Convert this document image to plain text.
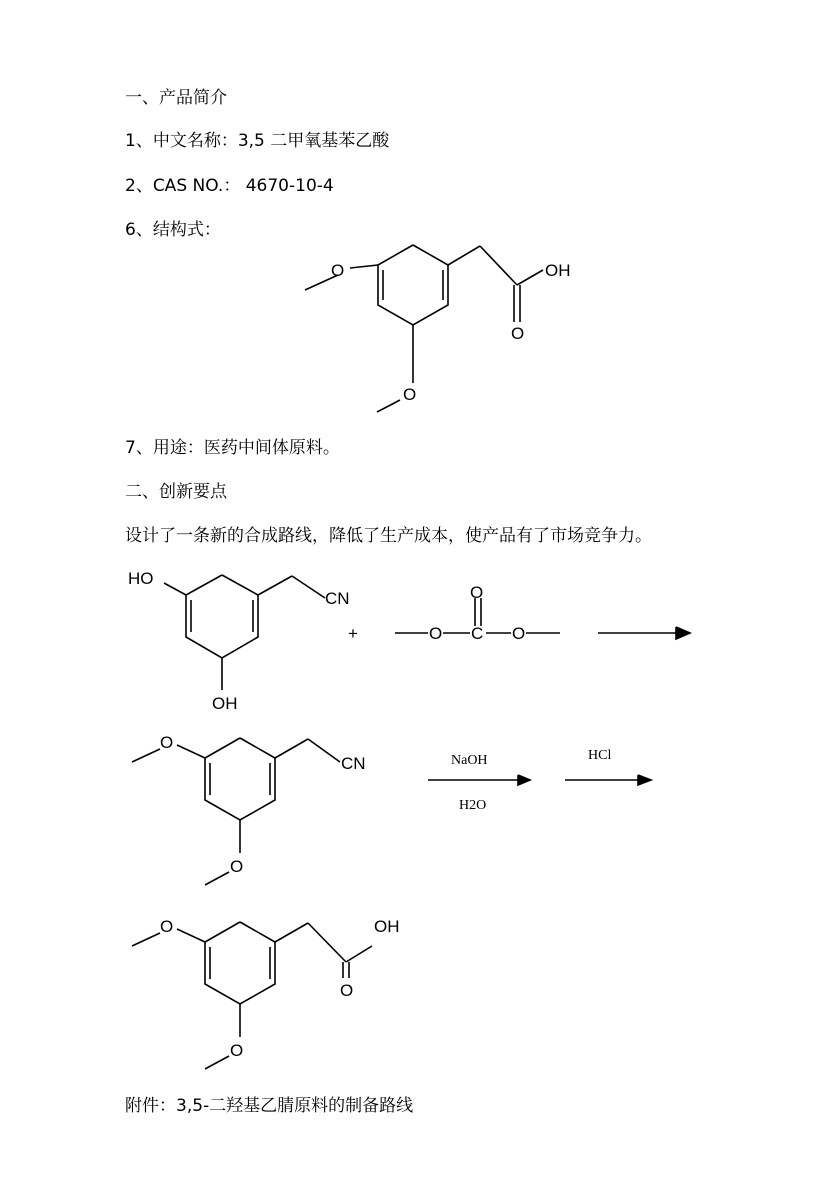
一、产品简介
1、中文名称：3,5 二甲氧基苯乙酸
2、CAS NO.： 4670-10-4
6、结构式：
7、用途：医药中间体原料。
二、创新要点
设计了一条新的合成路线，降低了生产成本，使产品有了市场竞争力。
附件：3,5-二羟基乙腈原料的制备路线
O
O
OH
O
HO
OH
CN
+	O C O
O
O
O
CN	NaOH
H2O
HCl
O
O
OH
O
